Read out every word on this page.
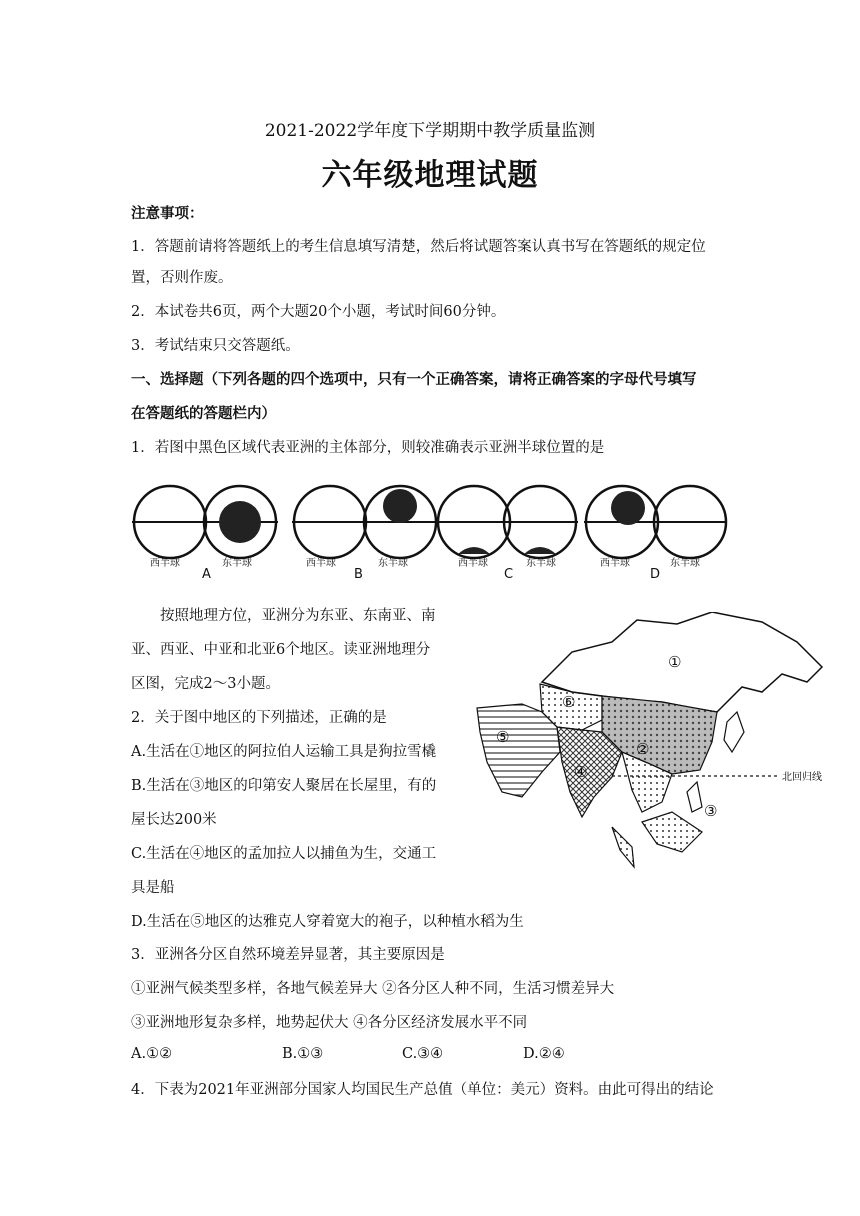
2021-2022学年度下学期期中教学质量监测
六年级地理试题
注意事项：
1．答题前请将答题纸上的考生信息填写清楚，然后将试题答案认真书写在答题纸的规定位
置，否则作废。
2．本试卷共6页，两个大题20个小题，考试时间60分钟。
3．考试结束只交答题纸。
一、选择题（下列各题的四个选项中，只有一个正确答案，请将正确答案的字母代号填写
在答题纸的答题栏内）
1．若图中黑色区域代表亚洲的主体部分，则较准确表示亚洲半球位置的是
西半球	东半球
A
西半球	东半球
B
西半球	东半球
C
西半球	东半球
D
按照地理方位，亚洲分为东亚、东南亚、南
亚、西亚、中亚和北亚6个地区。读亚洲地理分
区图，完成2～3小题。
北回归线
①
②
③
④
⑤
⑥
2．关于图中地区的下列描述，正确的是
A.生活在①地区的阿拉伯人运输工具是狗拉雪橇
B.生活在③地区的印第安人聚居在长屋里，有的
屋长达200米
C.生活在④地区的孟加拉人以捕鱼为生，交通工
具是船
D.生活在⑤地区的达雅克人穿着宽大的袍子，以种植水稻为生
3．亚洲各分区自然环境差异显著，其主要原因是
①亚洲气候类型多样，各地气候差异大 ②各分区人种不同，生活习惯差异大
③亚洲地形复杂多样，地势起伏大 ④各分区经济发展水平不同
A.①②	B.①③	C.③④	D.②④
4．下表为2021年亚洲部分国家人均国民生产总值（单位：美元）资料。由此可得出的结论
